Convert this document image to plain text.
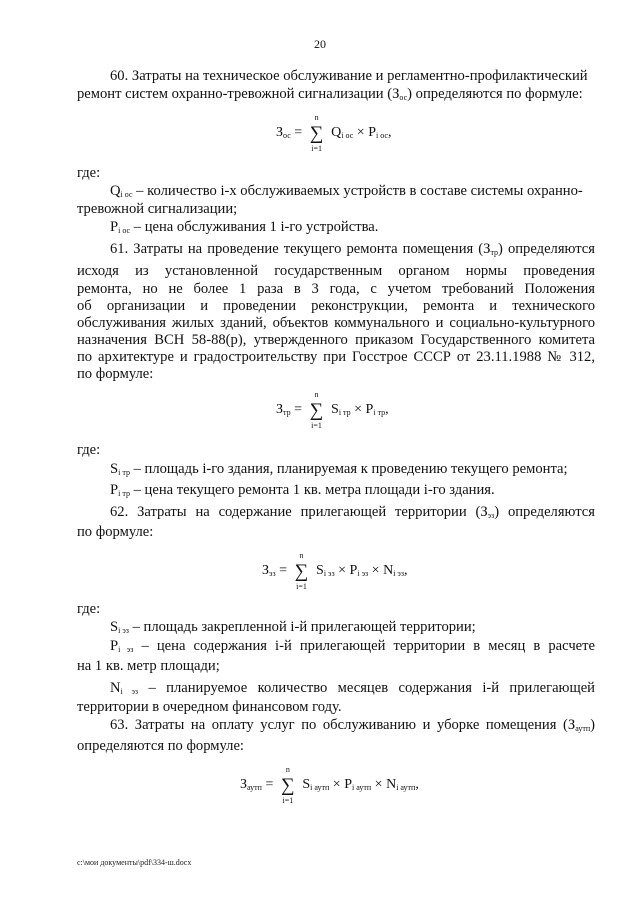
20
60. Затраты на техническое обслуживание и регламентно-профилактический
ремонт систем охранно-тревожной сигнализации $(З_{ос})$ определяются по формуле:
$З_{ос}$ = ∑
n
i=1
$Q_{i ос} \times P_{i ос}$,
где:
$Q_{i ос}$ – количество i-х обслуживаемых устройств в составе системы охранно-
тревожной сигнализации;
$P_{i ос}$ – цена обслуживания 1 i-го устройства.
61. Затраты на проведение текущего ремонта помещения $(З_{тр})$ определяются
исходя из установленной государственным органом нормы проведения
ремонта, но не более 1 раза в 3 года, с учетом требований Положения
об организации и проведении реконструкции, ремонта и технического
обслуживания жилых зданий, объектов коммунального и социально-культурного
назначения ВСН 58-88(р), утвержденного приказом Государственного комитета
по архитектуре и градостроительству при Госстрое СССР от 23.11.1988 № 312,
по формуле:
$З_{тр}$ = ∑
n
i=1
$S_{i тр} \times P_{i тр}$,
где:
$S_{i тр}$ – площадь i-го здания, планируемая к проведению текущего ремонта;
$P_{i тр}$ – цена текущего ремонта 1 кв. метра площади i-го здания.
62. Затраты на содержание прилегающей территории $(З_{эз})$ определяются
по формуле:
$З_{эз}$ = ∑
n
i=1
$S_{i эз} \times P_{i эз} \times N_{i эз}$,
где:
$S_{i эз}$ – площадь закрепленной i-й прилегающей территории;
$P_{i эз}$ – цена содержания i-й прилегающей территории в месяц в расчете
на 1 кв. метр площади;
$N_{i эз}$ – планируемое количество месяцев содержания i-й прилегающей
территории в очередном финансовом году.
63. Затраты на оплату услуг по обслуживанию и уборке помещения $(З_{аутп})$
определяются по формуле:
$З_{аутп}$ = ∑
n
i=1
$S_{i аутп} \times P_{i аутп} \times N_{i аутп}$,
c:\мои документы\pdf\334-ш.docx
